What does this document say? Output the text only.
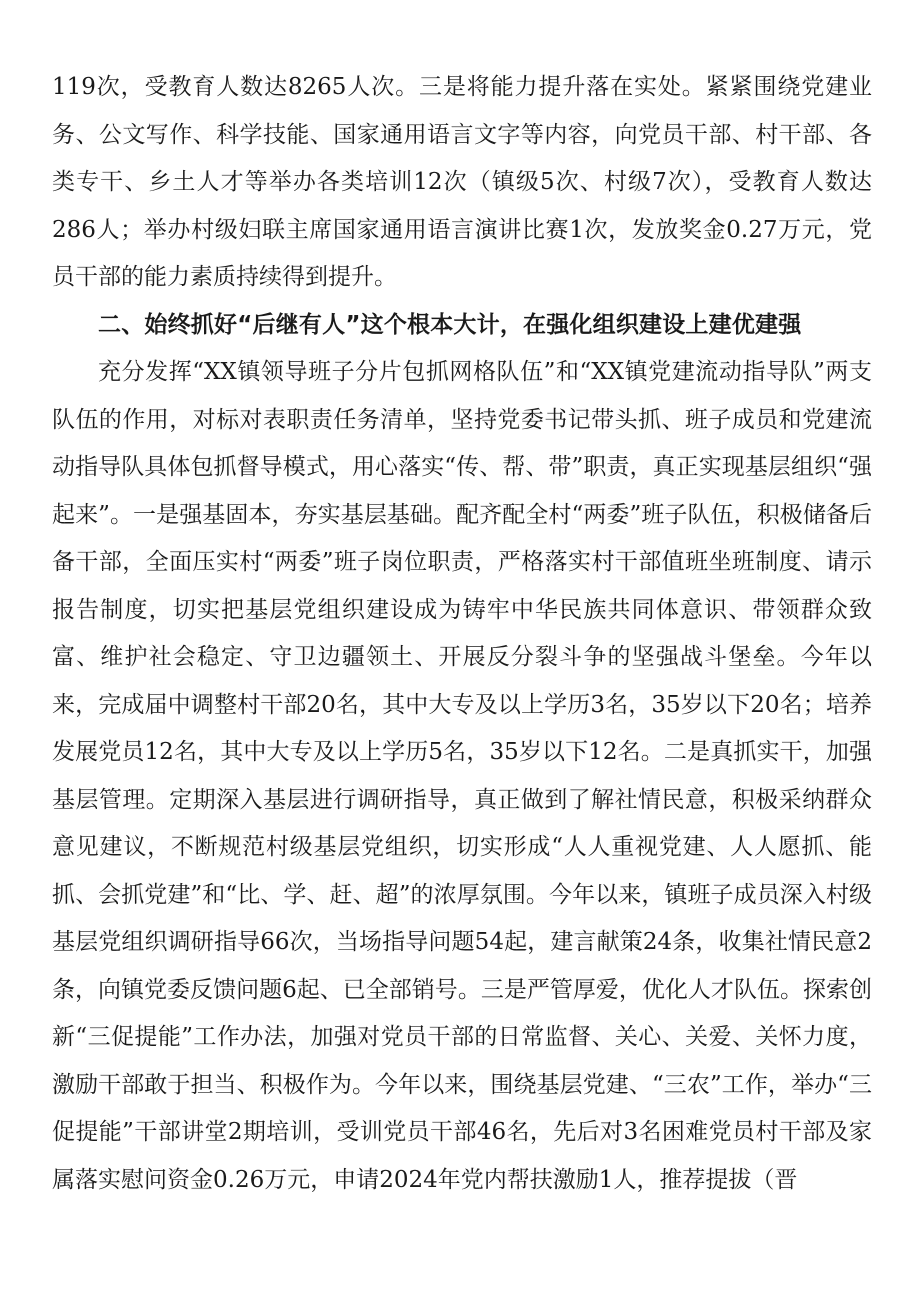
119次，受教育人数达8265人次。三是将能力提升落在实处。紧紧围绕党建业务、公文写作、科学技能、国家通用语言文字等内容，向党员干部、村干部、各类专干、乡土人才等举办各类培训12次（镇级5次、村级7次），受教育人数达286人；举办村级妇联主席国家通用语言演讲比赛1次，发放奖金0.27万元，党员干部的能力素质持续得到提升。

二、始终抓好“后继有人”这个根本大计，在强化组织建设上建优建强

充分发挥“XX镇领导班子分片包抓网格队伍”和“XX镇党建流动指导队”两支队伍的作用，对标对表职责任务清单，坚持党委书记带头抓、班子成员和党建流动指导队具体包抓督导模式，用心落实“传、帮、带”职责，真正实现基层组织“强起来”。一是强基固本，夯实基层基础。配齐配全村“两委”班子队伍，积极储备后备干部，全面压实村“两委”班子岗位职责，严格落实村干部值班坐班制度、请示报告制度，切实把基层党组织建设成为铸牢中华民族共同体意识、带领群众致富、维护社会稳定、守卫边疆领土、开展反分裂斗争的坚强战斗堡垒。今年以来，完成届中调整村干部20名，其中大专及以上学历3名，35岁以下20名；培养发展党员12名，其中大专及以上学历5名，35岁以下12名。二是真抓实干，加强基层管理。定期深入基层进行调研指导，真正做到了解社情民意，积极采纳群众意见建议，不断规范村级基层党组织，切实形成“人人重视党建、人人愿抓、能抓、会抓党建”和“比、学、赶、超”的浓厚氛围。今年以来，镇班子成员深入村级基层党组织调研指导66次，当场指导问题54起，建言献策24条，收集社情民意2条，向镇党委反馈问题6起、已全部销号。三是严管厚爱，优化人才队伍。探索创新“三促提能”工作办法，加强对党员干部的日常监督、关心、关爱、关怀力度，激励干部敢于担当、积极作为。今年以来，围绕基层党建、“三农”工作，举办“三促提能”干部讲堂2期培训，受训党员干部46名，先后对3名困难党员村干部及家属落实慰问资金0.26万元，申请2024年党内帮扶激励1人，推荐提拔（晋
